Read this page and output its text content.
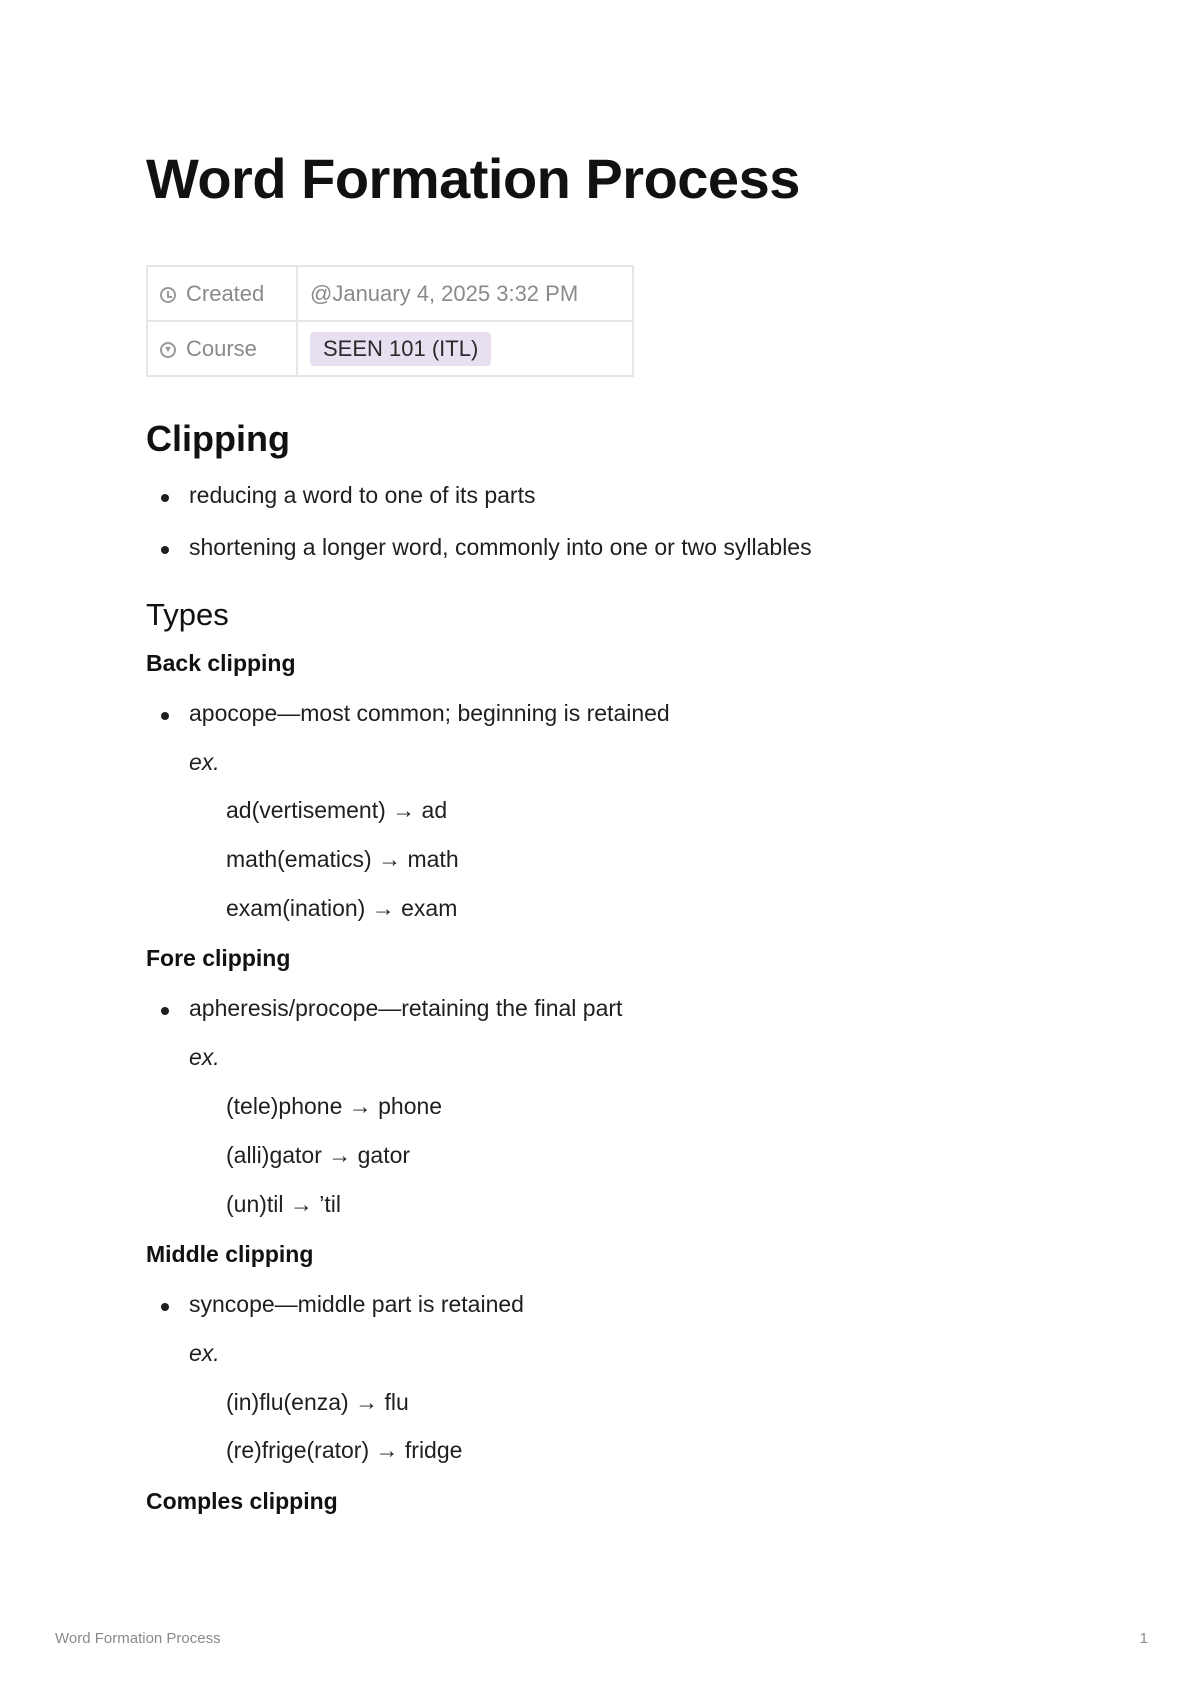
Word Formation Process
Created	@January 4, 2025 3:32 PM
Course	SEEN 101 (ITL)
Clipping
reducing a word to one of its parts
shortening a longer word, commonly into one or two syllables
Types
Back clipping
apocope—most common; beginning is retained
ex.
ad(vertisement) → ad
math(ematics) → math
exam(ination) → exam
Fore clipping
apheresis/procope—retaining the final part
ex.
(tele)phone → phone
(alli)gator → gator
(un)til → ’til
Middle clipping
syncope—middle part is retained
ex.
(in)flu(enza) → flu
(re)frige(rator) → fridge
Comples clipping
Word Formation Process	1
